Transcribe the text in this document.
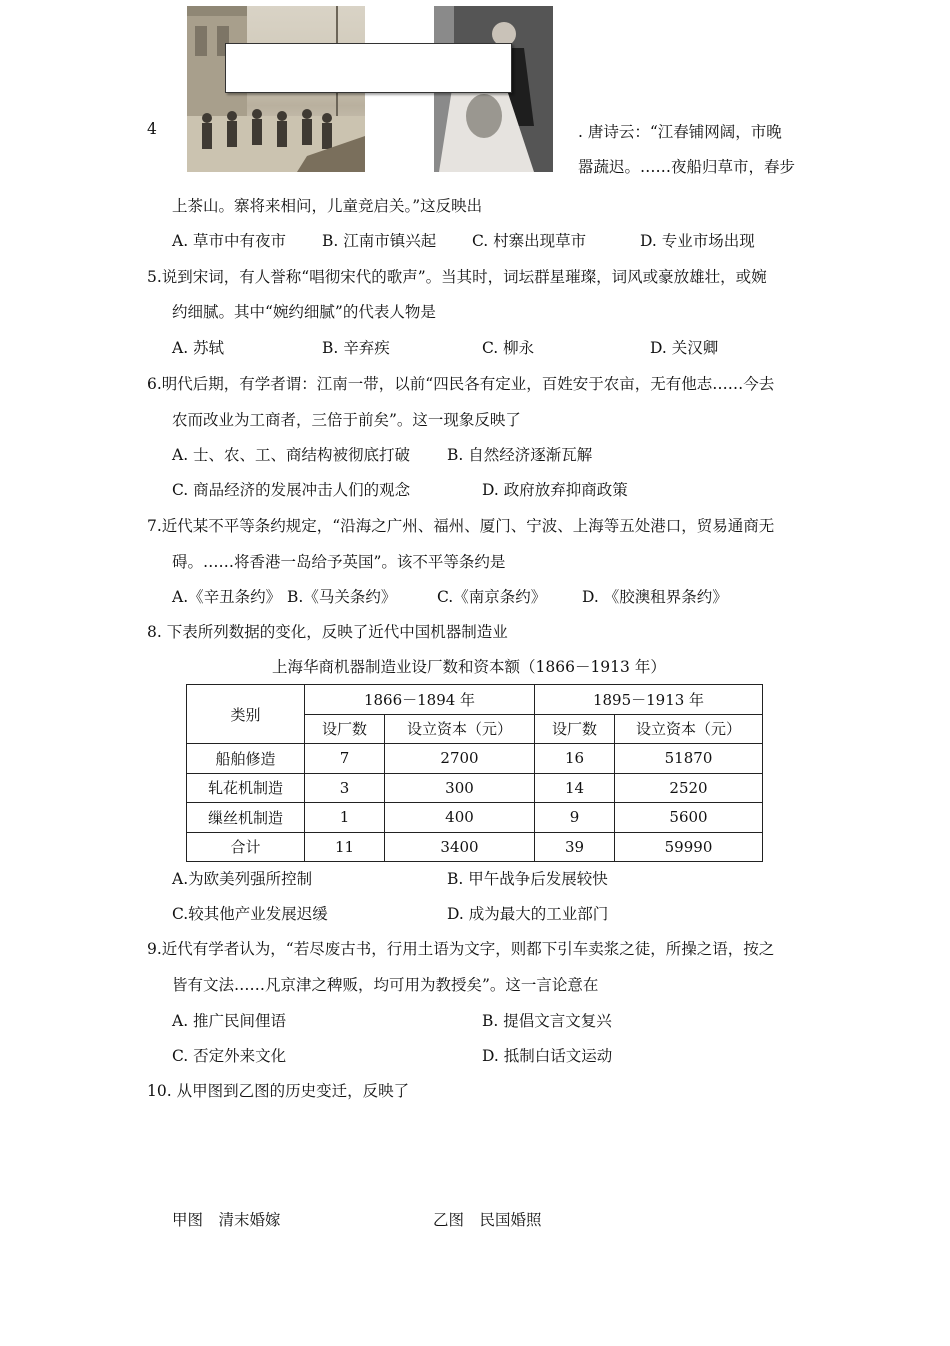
4	. 唐诗云：“江春铺网阔，市晚
嚣蔬迟。……夜船归草市，春步
上茶山。寨将来相问，儿童竞启关。”这反映出
A. 草市中有夜市 B. 江南市镇兴起 C. 村寨出现草市	D. 专业市场出现
5.说到宋词，有人誉称“唱彻宋代的歌声”。当其时，词坛群星璀璨，词风或豪放雄壮，或婉
约细腻。其中“婉约细腻”的代表人物是
A. 苏轼	B. 辛弃疾	C. 柳永	D. 关汉卿
6.明代后期，有学者谓：江南一带，以前“四民各有定业，百姓安于农亩，无有他志……今去
农而改业为工商者，三倍于前矣”。这一现象反映了
A. 士、农、工、商结构被彻底打破 B. 自然经济逐渐瓦解
C. 商品经济的发展冲击人们的观念	D. 政府放弃抑商政策
7.近代某不平等条约规定，“沿海之广州、福州、厦门、宁波、上海等五处港口，贸易通商无
碍。……将香港一岛给予英国”。该不平等条约是
A.《辛丑条约》 B.《马关条约》	C.《南京条约》 D. 《胶澳租界条约》
8. 下表所列数据的变化，反映了近代中国机器制造业
上海华商机器制造业设厂数和资本额（1866－1913 年）
类别	1866－1894 年		1895－1913 年	
	设厂数	设立资本（元）	设厂数	设立资本（元）
船舶修造	7	2700	16	51870
轧花机制造	3	300	14	2520
缫丝机制造	1	400	9	5600
合计	11	3400	39	59990
A.为欧美列强所控制	B. 甲午战争后发展较快
C.较其他产业发展迟缓	D. 成为最大的工业部门
9.近代有学者认为，“若尽废古书，行用土语为文字，则都下引车卖浆之徒，所操之语，按之
皆有文法……凡京津之稗贩，均可用为教授矣”。这一言论意在
A. 推广民间俚语	B. 提倡文言文复兴
C. 否定外来文化	D. 抵制白话文运动
10. 从甲图到乙图的历史变迁，反映了
甲图　清末婚嫁	乙图　民国婚照
